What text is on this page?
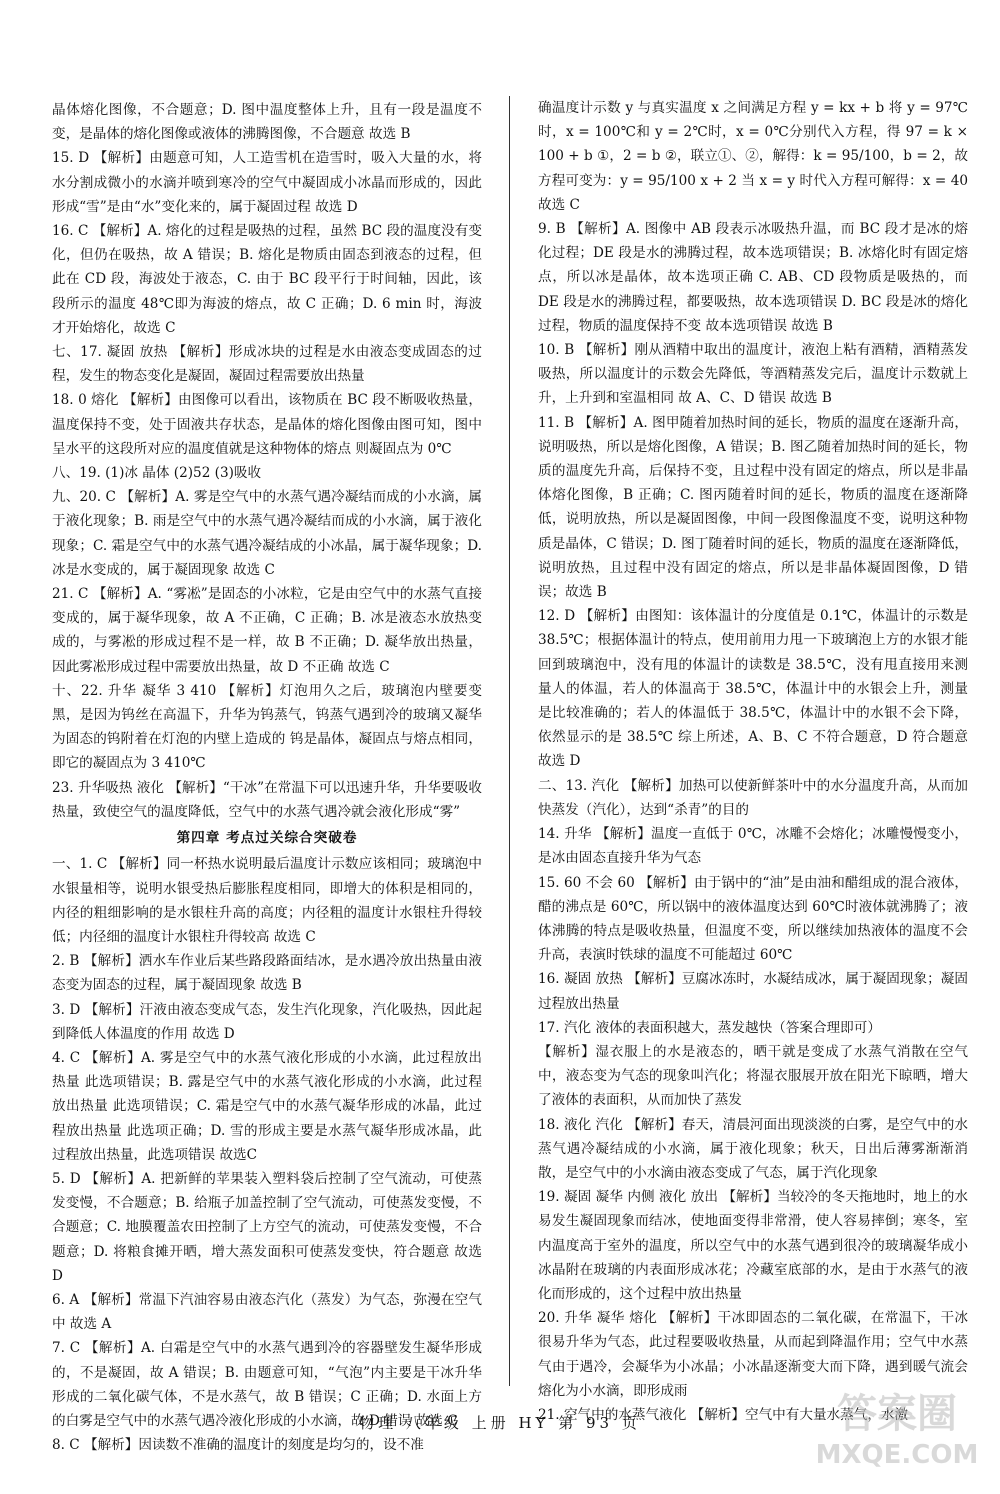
晶体熔化图像，不合题意；D. 图中温度整体上升，且有一段是温度不变，是晶体的熔化图像或液体的沸腾图像，不合题意 故选 B

15. D 【解析】由题意可知，人工造雪机在造雪时，吸入大量的水，将水分割成微小的水滴并喷到寒冷的空气中凝固成小冰晶而形成的，因此形成“雪”是由“水”变化来的，属于凝固过程 故选 D

16. C 【解析】A. 熔化的过程是吸热的过程，虽然 BC 段的温度没有变化，但仍在吸热，故 A 错误；B. 熔化是物质由固态到液态的过程，但此在 CD 段，海波处于液态，C. 由于 BC 段平行于时间轴，因此，该段所示的温度 48℃即为海波的熔点，故 C 正确；D. 6 min 时，海波才开始熔化，故选 C

七、17. 凝固 放热 【解析】形成冰块的过程是水由液态变成固态的过程，发生的物态变化是凝固，凝固过程需要放出热量

18. 0 熔化 【解析】由图像可以看出，该物质在 BC 段不断吸收热量，温度保持不变，处于固液共存状态，是晶体的熔化图像由图可知，图中呈水平的这段所对应的温度值就是这种物体的熔点 则凝固点为 0℃

八、19. (1)冰 晶体 (2)52 (3)吸收

九、20. C 【解析】A. 雾是空气中的水蒸气遇冷凝结而成的小水滴，属于液化现象；B. 雨是空气中的水蒸气遇冷凝结而成的小水滴，属于液化现象；C. 霜是空气中的水蒸气遇冷凝结成的小冰晶，属于凝华现象；D. 冰是水变成的，属于凝固现象 故选 C

21. C 【解析】A. “雾凇”是固态的小冰粒，它是由空气中的水蒸气直接变成的，属于凝华现象，故 A 不正确，C 正确；B. 冰是液态水放热变成的，与雾凇的形成过程不是一样，故 B 不正确；D. 凝华放出热量，因此雾凇形成过程中需要放出热量，故 D 不正确 故选 C

十、22. 升华 凝华 3 410 【解析】灯泡用久之后，玻璃泡内壁要变黑，是因为钨丝在高温下，升华为钨蒸气，钨蒸气遇到冷的玻璃又凝华为固态的钨附着在灯泡的内壁上造成的 钨是晶体，凝固点与熔点相同，即它的凝固点为 3 410℃

23. 升华吸热 液化 【解析】“干冰”在常温下可以迅速升华，升华要吸收热量，致使空气的温度降低，空气中的水蒸气遇冷就会液化形成“雾”

第四章 考点过关综合突破卷

一、1. C 【解析】同一杯热水说明最后温度计示数应该相同；玻璃泡中水银量相等，说明水银受热后膨胀程度相同，即增大的体积是相同的，内径的粗细影响的是水银柱升高的高度；内径粗的温度计水银柱升得较低；内径细的温度计水银柱升得较高 故选 C

2. B 【解析】洒水车作业后某些路段路面结冰，是水遇冷放出热量由液态变为固态的过程，属于凝固现象 故选 B

3. D 【解析】汗液由液态变成气态，发生汽化现象，汽化吸热，因此起到降低人体温度的作用 故选 D

4. C 【解析】A. 雾是空气中的水蒸气液化形成的小水滴，此过程放出热量 此选项错误；B. 露是空气中的水蒸气液化形成的小水滴，此过程放出热量 此选项错误；C. 霜是空气中的水蒸气凝华形成的冰晶，此过程放出热量 此选项正确；D. 雪的形成主要是水蒸气凝华形成冰晶，此过程放出热量，此选项错误 故选C

5. D 【解析】A. 把新鲜的苹果装入塑料袋后控制了空气流动，可使蒸发变慢，不合题意；B. 给瓶子加盖控制了空气流动，可使蒸发变慢，不合题意；C. 地膜覆盖农田控制了上方空气的流动，可使蒸发变慢，不合题意；D. 将粮食摊开晒，增大蒸发面积可使蒸发变快，符合题意 故选 D

6. A 【解析】常温下汽油容易由液态汽化（蒸发）为气态，弥漫在空气中 故选 A

7. C 【解析】A. 白霜是空气中的水蒸气遇到冷的容器壁发生凝华形成的，不是凝固，故 A 错误；B. 由题意可知，“气泡”内主要是干冰升华形成的二氧化碳气体，不是水蒸气，故 B 错误；C 正确；D. 水面上方的白雾是空气中的水蒸气遇冷液化形成的小水滴，故 D 错误 故选 C

8. C 【解析】因读数不准确的温度计的刻度是均匀的，设不准

确温度计示数 y 与真实温度 x 之间满足方程 y = kx + b 将 y = 97℃时，x = 100℃和 y = 2℃时，x = 0℃分别代入方程，得 97 = k × 100 + b ①，2 = b ②，联立①、②，解得：k = 95/100，b = 2，故方程可变为：y = 95/100 x + 2 当 x = y 时代入方程可解得：x = 40 故选 C

9. B 【解析】A. 图像中 AB 段表示冰吸热升温，而 BC 段才是冰的熔化过程；DE 段是水的沸腾过程，故本选项错误；B. 冰熔化时有固定熔点，所以冰是晶体，故本选项正确 C. AB、CD 段物质是吸热的，而 DE 段是水的沸腾过程，都要吸热，故本选项错误 D. BC 段是冰的熔化过程，物质的温度保持不变 故本选项错误 故选 B

10. B 【解析】刚从酒精中取出的温度计，液泡上粘有酒精，酒精蒸发吸热，所以温度计的示数会先降低，等酒精蒸发完后，温度计示数就上升，上升到和室温相同 故 A、C、D 错误 故选 B

11. B 【解析】A. 图甲随着加热时间的延长，物质的温度在逐渐升高，说明吸热，所以是熔化图像，A 错误；B. 图乙随着加热时间的延长，物质的温度先升高，后保持不变，且过程中没有固定的熔点，所以是非晶体熔化图像，B 正确；C. 图丙随着时间的延长，物质的温度在逐渐降低，说明放热，所以是凝固图像，中间一段图像温度不变，说明这种物质是晶体，C 错误；D. 图丁随着时间的延长，物质的温度在逐渐降低，说明放热，且过程中没有固定的熔点，所以是非晶体凝固图像，D 错误；故选 B

12. D 【解析】由图知：该体温计的分度值是 0.1℃，体温计的示数是 38.5℃；根据体温计的特点，使用前用力甩一下玻璃泡上方的水银才能回到玻璃泡中，没有甩的体温计的读数是 38.5℃，没有甩直接用来测量人的体温，若人的体温高于 38.5℃，体温计中的水银会上升，测量是比较准确的；若人的体温低于 38.5℃，体温计中的水银不会下降，依然显示的是 38.5℃ 综上所述，A、B、C 不符合题意，D 符合题意 故选 D

二、13. 汽化 【解析】加热可以使新鲜茶叶中的水分温度升高，从而加快蒸发（汽化），达到“杀青”的目的

14. 升华 【解析】温度一直低于 0℃，冰雕不会熔化；冰雕慢慢变小，是冰由固态直接升华为气态

15. 60 不会 60 【解析】由于锅中的“油”是由油和醋组成的混合液体，醋的沸点是 60℃，所以锅中的液体温度达到 60℃时液体就沸腾了；液体沸腾的特点是吸收热量，但温度不变，所以继续加热液体的温度不会升高，表演时铁球的温度不可能超过 60℃

16. 凝固 放热 【解析】豆腐冰冻时，水凝结成冰，属于凝固现象；凝固过程放出热量

17. 汽化 液体的表面积越大，蒸发越快（答案合理即可）

【解析】湿衣服上的水是液态的，晒干就是变成了水蒸气消散在空气中，液态变为气态的现象叫汽化；将湿衣服展开放在阳光下晾晒，增大了液体的表面积，从而加快了蒸发

18. 液化 汽化 【解析】春天，清晨河面出现淡淡的白雾，是空气中的水蒸气遇冷凝结成的小水滴，属于液化现象；秋天，日出后薄雾渐渐消散，是空气中的小水滴由液态变成了气态，属于汽化现象

19. 凝固 凝华 内侧 液化 放出 【解析】当较冷的冬天拖地时，地上的水易发生凝固现象而结冰，使地面变得非常滑，使人容易摔倒；寒冬，室内温度高于室外的温度，所以空气中的水蒸气遇到很冷的玻璃凝华成小冰晶附在玻璃的内表面形成冰花；冷藏室底部的水，是由于水蒸气的液化而形成的，这个过程中放出热量

20. 升华 凝华 熔化 【解析】干冰即固态的二氧化碳，在常温下，干冰很易升华为气态，此过程要吸收热量，从而起到降温作用；空气中水蒸气由于遇冷，会凝华为小冰晶；小冰晶逐渐变大而下降，遇到暖气流会熔化为小水滴，即形成雨

21. 空气中的水蒸气液化 【解析】空气中有大量水蒸气，水激

物理 八年级 上册 HY 第 93 页	答案圈
MXQE.COM
